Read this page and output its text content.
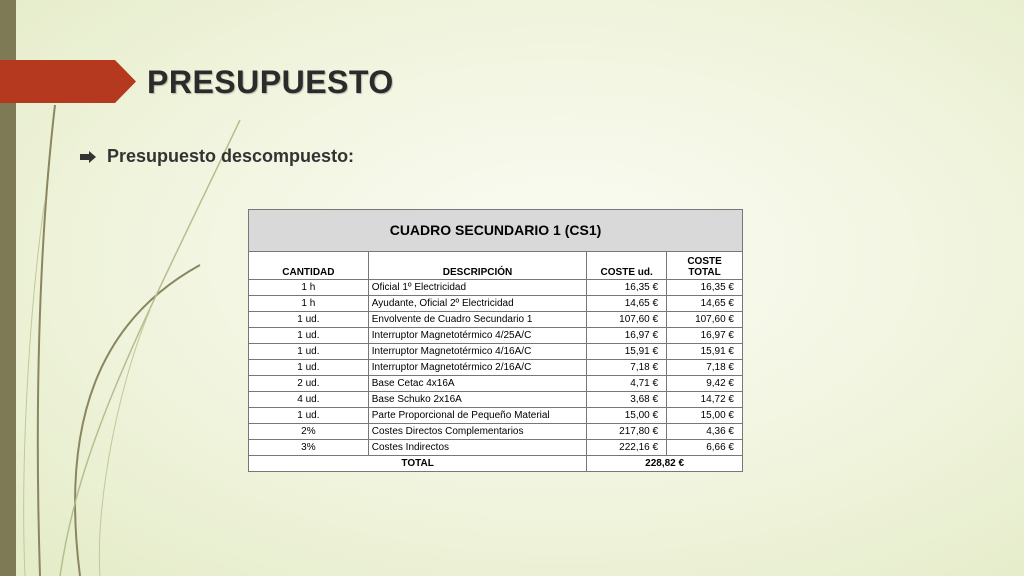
PRESUPUESTO
Presupuesto descompuesto:
CUADRO SECUNDARIO 1 (CS1)			
CANTIDAD	DESCRIPCIÓN	COSTE ud.	COSTE TOTAL
1 h	Oficial 1º Electricidad	16,35 €	16,35 €
1 h	Ayudante, Oficial 2º Electricidad	14,65 €	14,65 €
1 ud.	Envolvente de Cuadro Secundario 1	107,60 €	107,60 €
1 ud.	Interruptor Magnetotérmico 4/25A/C	16,97 €	16,97 €
1 ud.	Interruptor Magnetotérmico 4/16A/C	15,91 €	15,91 €
1 ud.	Interruptor Magnetotérmico 2/16A/C	7,18 €	7,18 €
2 ud.	Base Cetac 4x16A	4,71 €	9,42 €
4 ud.	Base Schuko 2x16A	3,68 €	14,72 €
1 ud.	Parte Proporcional de Pequeño Material	15,00 €	15,00 €
2%	Costes Directos Complementarios	217,80 €	4,36 €
3%	Costes Indirectos	222,16 €	6,66 €
TOTAL		228,82 €	
